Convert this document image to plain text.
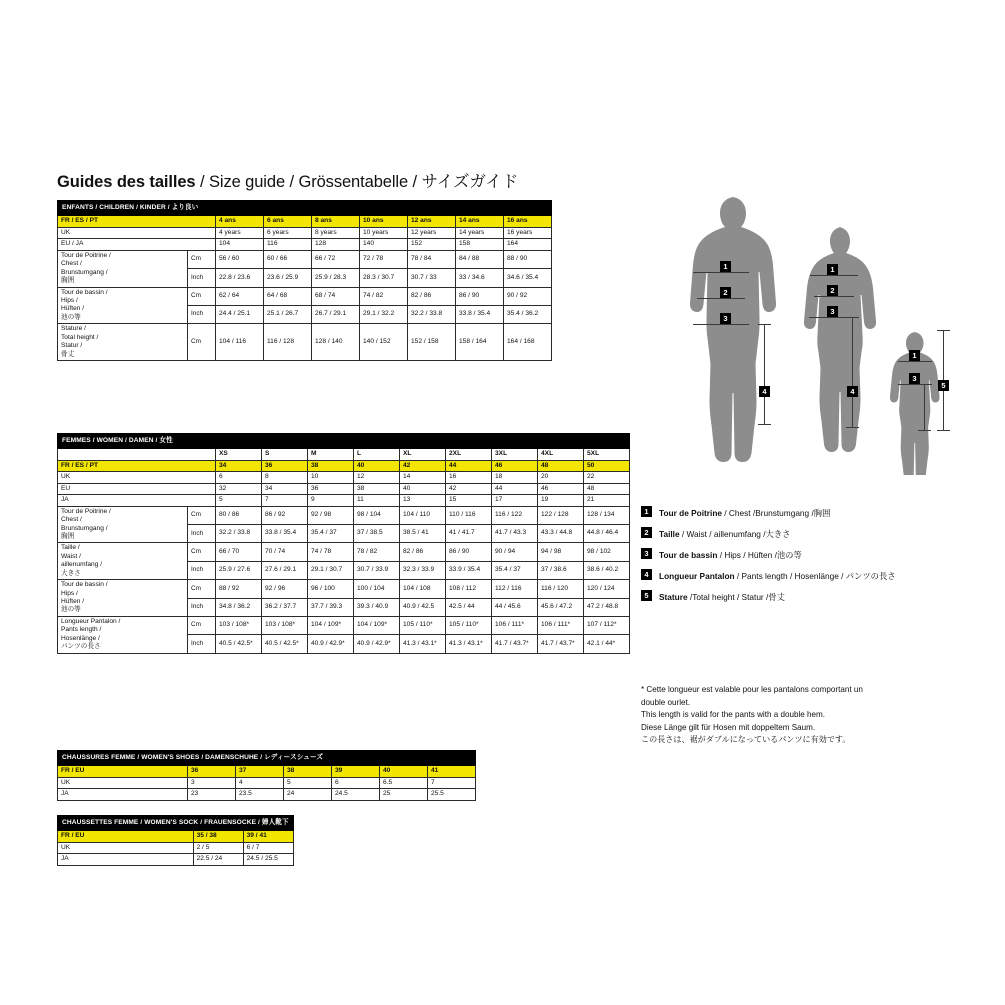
Guides des tailles / Size guide / Grössentabelle / サイズガイド
ENFANTS / CHILDREN / KINDER / より良い								
FR / ES / PT		4 ans	6 ans	8 ans	10 ans	12 ans	14 ans	16 ans
UK		4 years	6 years	8 years	10 years	12 years	14 years	16 years
EU / JA		104	116	128	140	152	158	164
Tour de Poitrine /
Chest /
Brunstumgang /
胸囲	Cm	56 / 60	60 / 66	66 / 72	72 / 78	78 / 84	84 / 88	88 / 90
	Inch	22.8 / 23.6	23.6 / 25.9	25.9 / 28.3	28.3 / 30.7	30.7 / 33	33 / 34.6	34.6 / 35.4
Tour de bassin /
Hips /
Hüften /
池の等	Cm	62 / 64	64 / 68	68 / 74	74 / 82	82 / 86	86 / 90	90 / 92
	Inch	24.4 / 25.1	25.1 / 26.7	26.7 / 29.1	29.1 / 32.2	32.2 / 33.8	33.8 / 35.4	35.4 / 36.2
Stature /
Total height /
Statur /
骨丈	Cm	104 / 116	116 / 128	128 / 140	140 / 152	152 / 158	158 / 164	164 / 168
FEMMES / WOMEN / DAMEN / 女性										
		XS	S	M	L	XL	2XL	3XL	4XL	5XL
FR / ES / PT		34	36	38	40	42	44	46	48	50
UK		6	8	10	12	14	16	18	20	22
EU		32	34	36	38	40	42	44	46	48
JA		5	7	9	11	13	15	17	19	21
Tour de Poitrine /
Chest /
Brunstumgang /
胸囲	Cm	80 / 86	86 / 92	92 / 98	98 / 104	104 / 110	110 / 116	116 / 122	122 / 128	128 / 134
	Inch	32.2 / 33.8	33.8 / 35.4	35.4 / 37	37 / 38.5	38.5 / 41	41 / 41.7	41.7 / 43.3	43.3 / 44.8	44.8 / 46.4
Taille /
Waist /
aillenumfang /
大きさ	Cm	66 / 70	70 / 74	74 / 78	78 / 82	82 / 86	86 / 90	90 / 94	94 / 98	98 / 102
	Inch	25.9 / 27.6	27.6 / 29.1	29.1 / 30.7	30.7 / 33.9	32.3 / 33.9	33.9 / 35.4	35.4 / 37	37 / 38.6	38.6 / 40.2
Tour de bassin /
Hips /
Hüften /
池の等	Cm	88 / 92	92 / 96	96 / 100	100 / 104	104 / 108	108 / 112	112 / 116	116 / 120	120 / 124
	Inch	34.8 / 36.2	36.2 / 37.7	37.7 / 39.3	39.3 / 40.9	40.9 / 42.5	42.5 / 44	44 / 45.6	45.6 / 47.2	47.2 / 48.8
Longueur Pantalon /
Pants length /
Hosenlänge /
パンツの長さ	Cm	103 / 108*	103 / 108*	104 / 109*	104 / 109*	105 / 110*	105 / 110*	106 / 111*	106 / 111*	107 / 112*
	Inch	40.5 / 42.5*	40.5 / 42.5*	40.9 / 42.9*	40.9 / 42.9*	41.3 / 43.1*	41.3 / 43.1*	41.7 / 43.7*	41.7 / 43.7*	42.1 / 44*
CHAUSSURES FEMME / WOMEN'S SHOES / DAMENSCHUHE / レディースシューズ						
FR / EU	36	37	38	39	40	41
UK	3	4	5	6	6.5	7
JA	23	23.5	24	24.5	25	25.5
CHAUSSETTES FEMME / WOMEN'S SOCK / FRAUENSOCKE / 婦人靴下		
FR / EU	35 / 38	39 / 41
UK	2 / 5	6 / 7
JA	22.5 / 24	24.5 / 25.5
1
2
3
4
1
2
3
4
1
3
5
1	Tour de Poitrine / Chest /Brunstumgang /胸囲
2	Taille / Waist / aillenumfang /大きさ
3	Tour de bassin / Hips / Hüften /池の等
4	Longueur Pantalon / Pants length / Hosenlänge / パンツの長さ
5	Stature /Total height / Statur /骨丈
* Cette longueur est valable pour les pantalons comportant un
double ourlet.
This length is valid for the pants with a double hem.
Diese Länge gilt für Hosen mit doppeltem Saum.
この長さは、裾がダブルになっているパンツに有効です。
